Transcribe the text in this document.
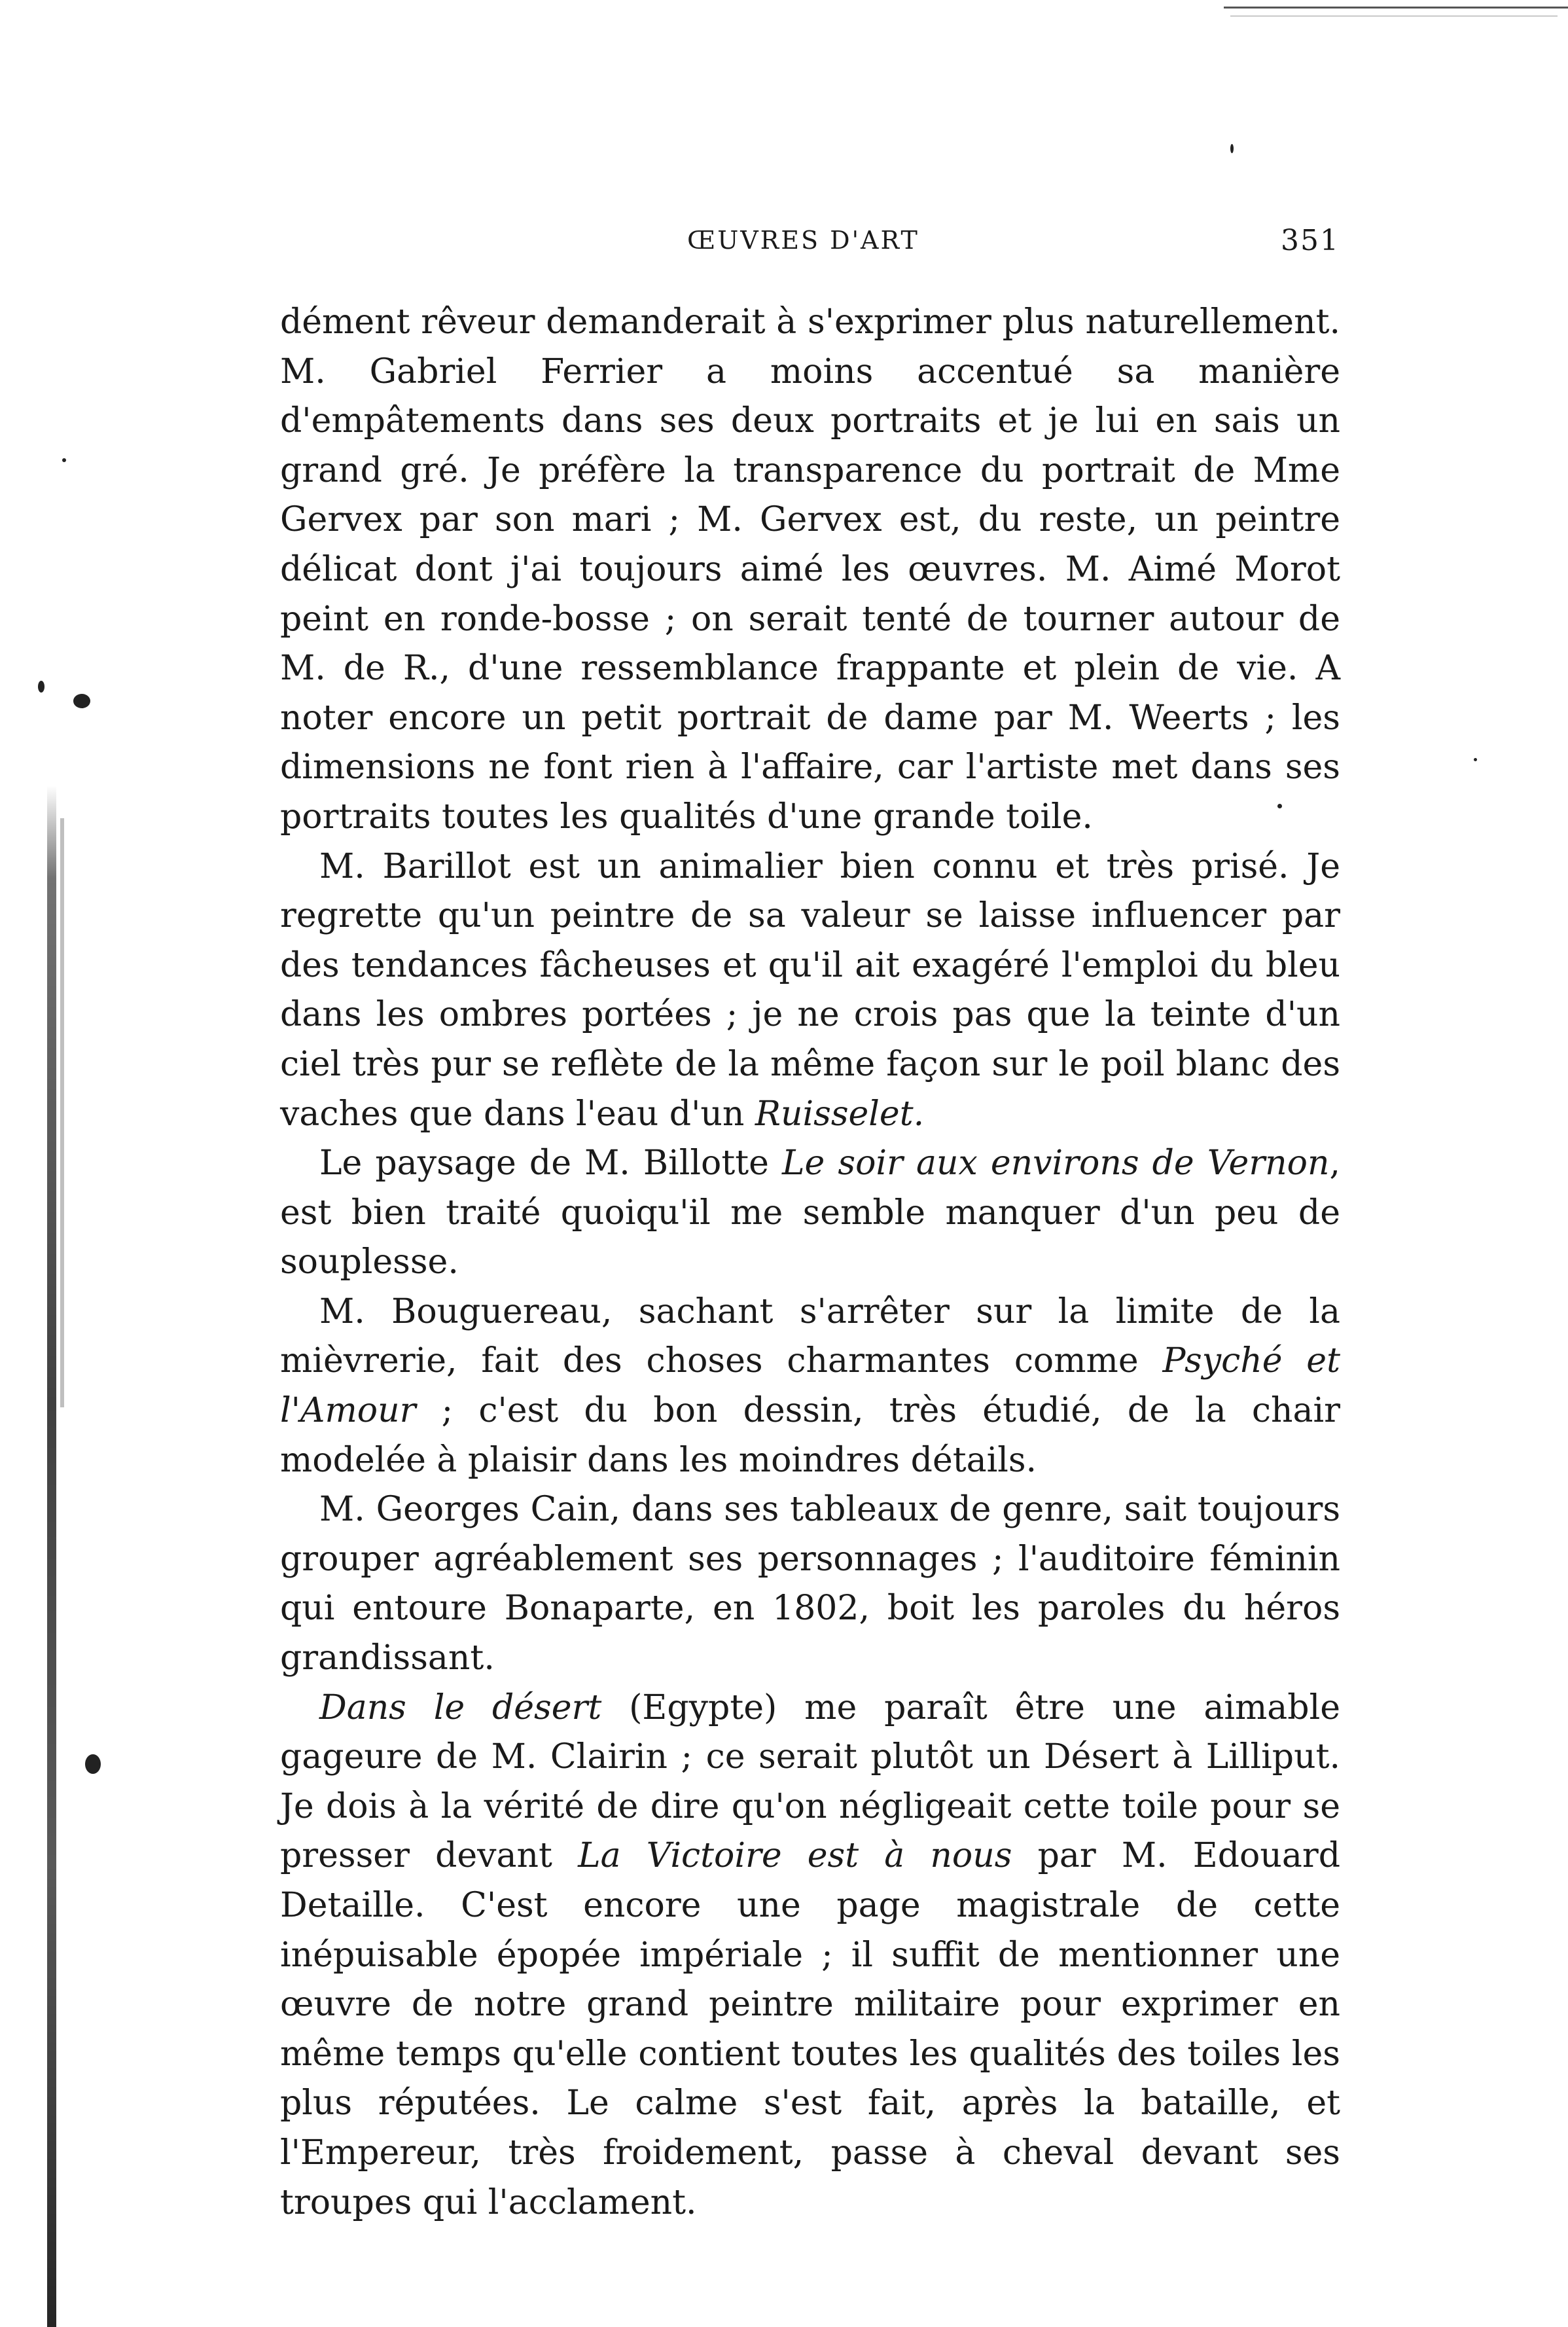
ŒUVRES D'ART	351

dément rêveur demanderait à s'exprimer plus naturellement. M. Gabriel Ferrier a moins accentué sa manière d'empâtements dans ses deux portraits et je lui en sais un grand gré. Je préfère la transparence du portrait de Mme Gervex par son mari ; M. Gervex est, du reste, un peintre délicat dont j'ai toujours aimé les œuvres. M. Aimé Morot peint en ronde-bosse ; on serait tenté de tourner autour de M. de R., d'une ressemblance frappante et plein de vie. A noter encore un petit portrait de dame par M. Weerts ; les dimensions ne font rien à l'affaire, car l'artiste met dans ses portraits toutes les qualités d'une grande toile.

M. Barillot est un animalier bien connu et très prisé. Je regrette qu'un peintre de sa valeur se laisse influencer par des tendances fâcheuses et qu'il ait exagéré l'emploi du bleu dans les ombres portées ; je ne crois pas que la teinte d'un ciel très pur se reflète de la même façon sur le poil blanc des vaches que dans l'eau d'un Ruisselet.

Le paysage de M. Billotte Le soir aux environs de Vernon, est bien traité quoiqu'il me semble manquer d'un peu de souplesse.

M. Bouguereau, sachant s'arrêter sur la limite de la mièvrerie, fait des choses charmantes comme Psyché et l'Amour ; c'est du bon dessin, très étudié, de la chair modelée à plaisir dans les moindres détails.

M. Georges Cain, dans ses tableaux de genre, sait toujours grouper agréablement ses personnages ; l'auditoire féminin qui entoure Bonaparte, en 1802, boit les paroles du héros grandissant.

Dans le désert (Egypte) me paraît être une aimable gageure de M. Clairin ; ce serait plutôt un Désert à Lilliput. Je dois à la vérité de dire qu'on négligeait cette toile pour se presser devant La Victoire est à nous par M. Edouard Detaille. C'est encore une page magistrale de cette inépuisable épopée impériale ; il suffit de mentionner une œuvre de notre grand peintre militaire pour exprimer en même temps qu'elle contient toutes les qualités des toiles les plus réputées. Le calme s'est fait, après la bataille, et l'Empereur, très froidement, passe à cheval devant ses troupes qui l'acclament.
